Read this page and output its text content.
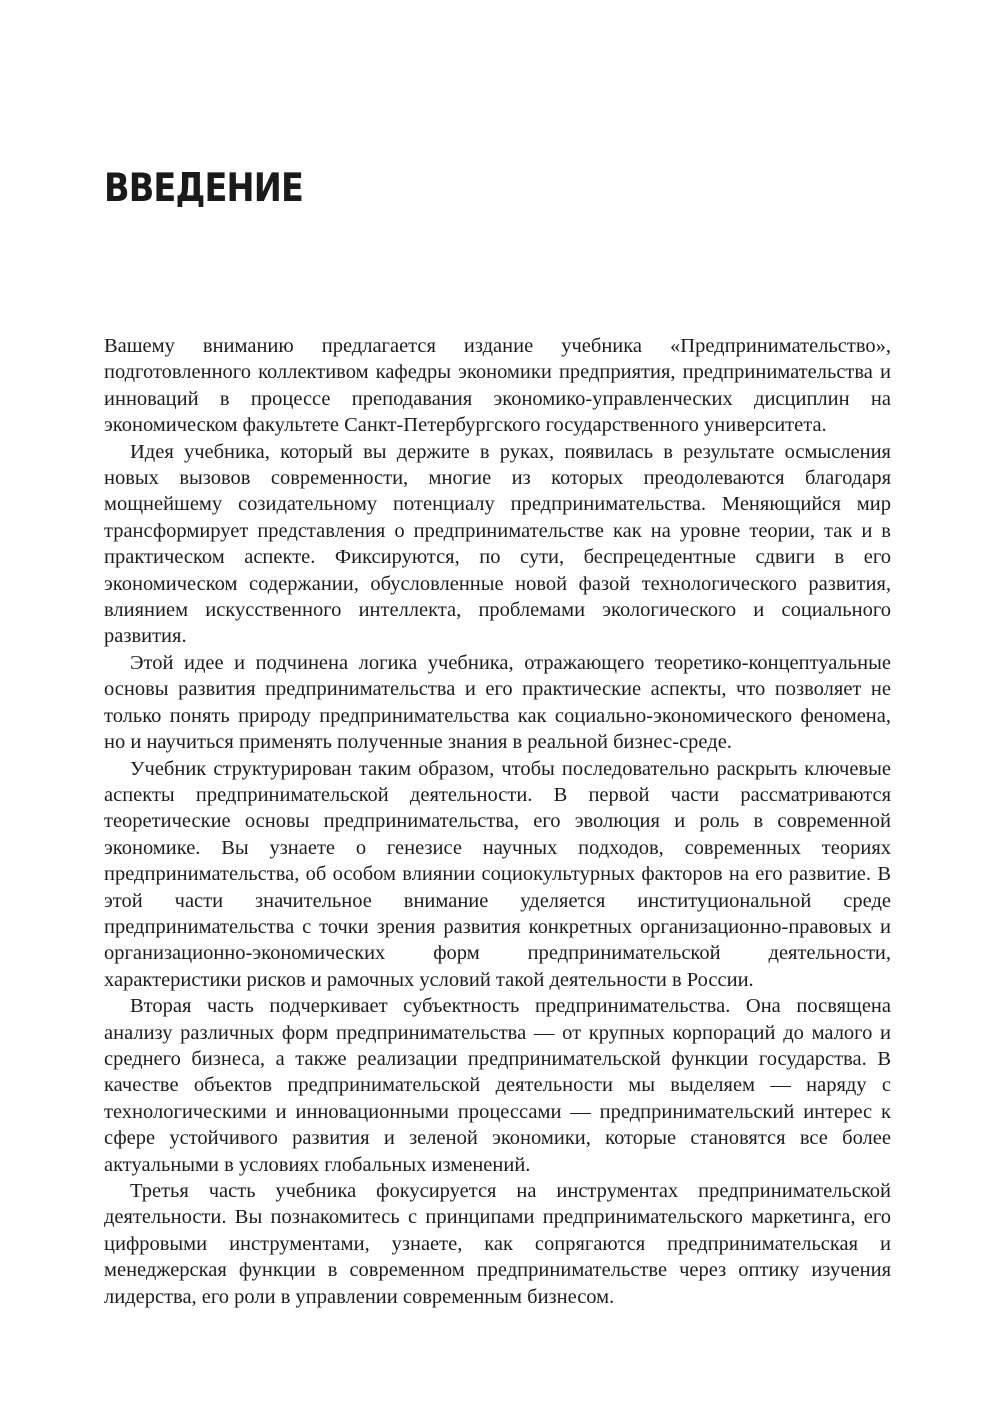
ВВЕДЕНИЕ

Вашему вниманию предлагается издание учебника «Предпринимательство», подготовленного коллективом кафедры экономики предприятия, предпринимательства и инноваций в процессе преподавания экономико-управленческих дисциплин на экономическом факультете Санкт-Петербургского государственного университета.

Идея учебника, который вы держите в руках, появилась в результате осмысления новых вызовов современности, многие из которых преодолеваются благодаря мощнейшему созидательному потенциалу предпринимательства. Меняющийся мир трансформирует представления о предпринимательстве как на уровне теории, так и в практическом аспекте. Фиксируются, по сути, беспрецедентные сдвиги в его экономическом содержании, обусловленные новой фазой технологического развития, влиянием искусственного интеллекта, проблемами экологического и социального развития.

Этой идее и подчинена логика учебника, отражающего теоретико-концептуальные основы развития предпринимательства и его практические аспекты, что позволяет не только понять природу предпринимательства как социально-экономического феномена, но и научиться применять полученные знания в реальной бизнес-среде.

Учебник структурирован таким образом, чтобы последовательно раскрыть ключевые аспекты предпринимательской деятельности. В первой части рассматриваются теоретические основы предпринимательства, его эволюция и роль в современной экономике. Вы узнаете о генезисе научных подходов, современных теориях предпринимательства, об особом влиянии социокультурных факторов на его развитие. В этой части значительное внимание уделяется институциональной среде предпринимательства с точки зрения развития конкретных организационно-правовых и организационно-экономических форм предпринимательской деятельности, характеристики рисков и рамочных условий такой деятельности в России.

Вторая часть подчеркивает субъектность предпринимательства. Она посвящена анализу различных форм предпринимательства — от крупных корпораций до малого и среднего бизнеса, а также реализации предпринимательской функции государства. В качестве объектов предпринимательской деятельности мы выделяем — наряду с технологическими и инновационными процессами — предпринимательский интерес к сфере устойчивого развития и зеленой экономики, которые становятся все более актуальными в условиях глобальных изменений.

Третья часть учебника фокусируется на инструментах предпринимательской деятельности. Вы познакомитесь с принципами предпринимательского маркетинга, его цифровыми инструментами, узнаете, как сопрягаются предпринимательская и менеджерская функции в современном предпринимательстве через оптику изучения лидерства, его роли в управлении современным бизнесом.
